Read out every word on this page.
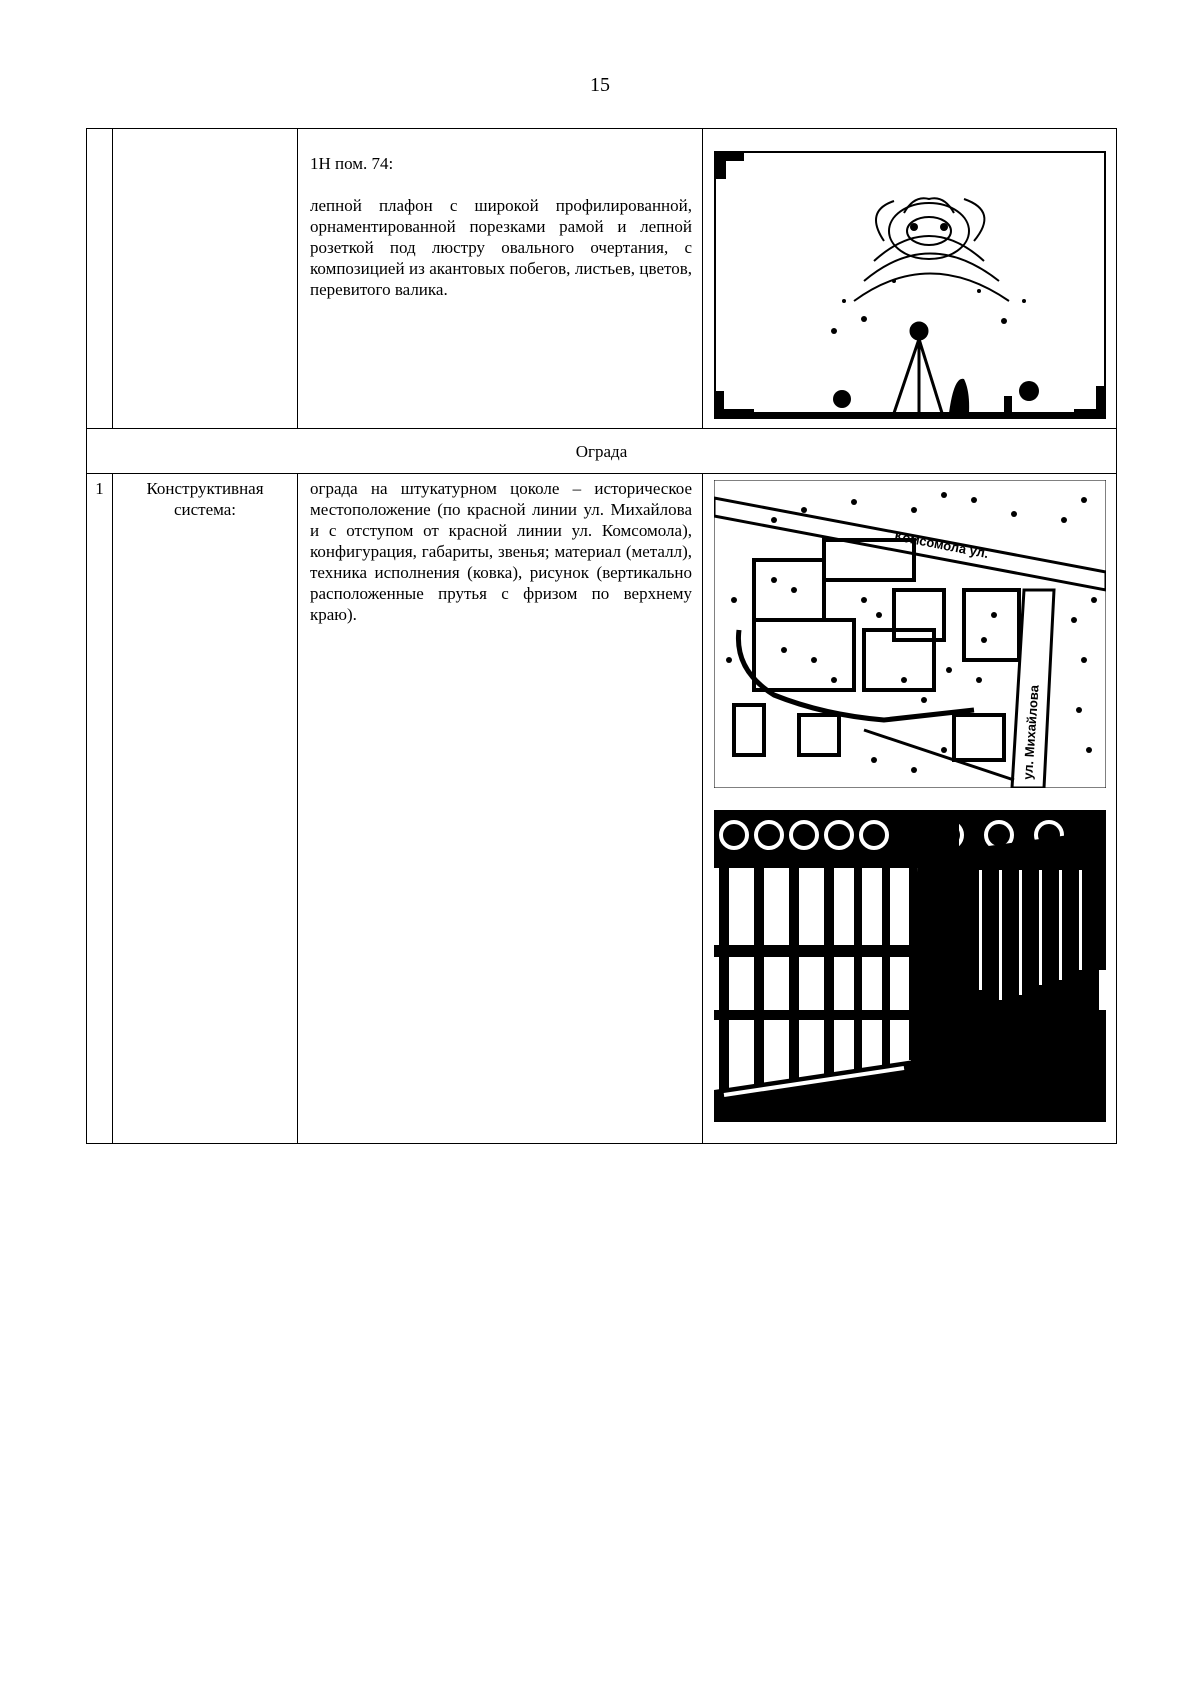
15

		1Н пом. 74:

лепной плафон с широкой профилированной, орнаментированной порезками рамой и лепной розеткой под люстру овального очертания, с композицией из акантовых побегов, листьев, цветов, перевитого валика.

Ограда			
1	Конструктивная система:	ограда на штукатурном цоколе – историческое местоположение (по красной линии ул. Михайлова и с отступом от красной линии ул. Комсомола), конфигурация, габариты, звенья; материал (металл), техника исполнения (ковка), рисунок (вертикально расположенные прутья с фризом по верхнему краю).	Комсомола ул.
ул. Михайлова
